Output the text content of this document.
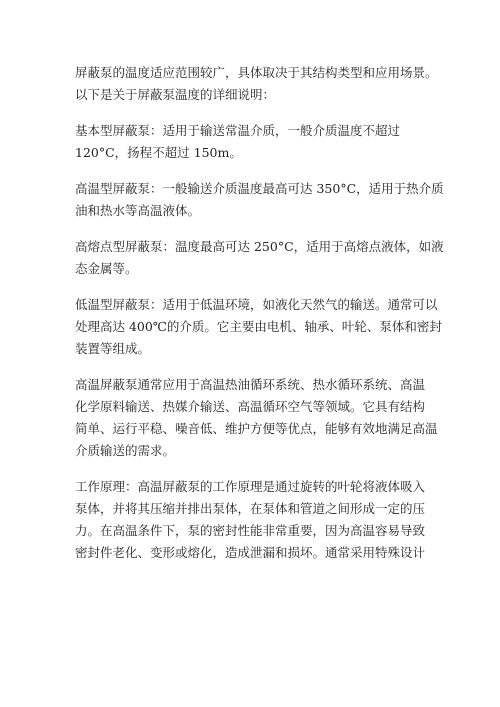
屏蔽泵的温度适应范围较广，具体取决于其结构类型和应用场景。
以下是关于屏蔽泵温度的详细说明：

基本型屏蔽泵：适用于输送常温介质，一般介质温度不超过
120°C，扬程不超过 150m。

高温型屏蔽泵：一般输送介质温度最高可达 350°C，适用于热介质
油和热水等高温液体。

高熔点型屏蔽泵：温度最高可达 250°C，适用于高熔点液体，如液
态金属等。

低温型屏蔽泵：适用于低温环境，如液化天然气的输送。通常可以
处理高达 400℃的介质。它主要由电机、轴承、叶轮、泵体和密封
装置等组成。

高温屏蔽泵通常应用于高温热油循环系统、热水循环系统、高温
化学原料输送、热媒介输送、高温循环空气等领域。它具有结构
简单、运行平稳、噪音低、维护方便等优点，能够有效地满足高温
介质输送的需求。

工作原理：高温屏蔽泵的工作原理是通过旋转的叶轮将液体吸入
泵体，并将其压缩并排出泵体，在泵体和管道之间形成一定的压
力。在高温条件下，泵的密封性能非常重要，因为高温容易导致
密封件老化、变形或熔化，造成泄漏和损坏。通常采用特殊设计
